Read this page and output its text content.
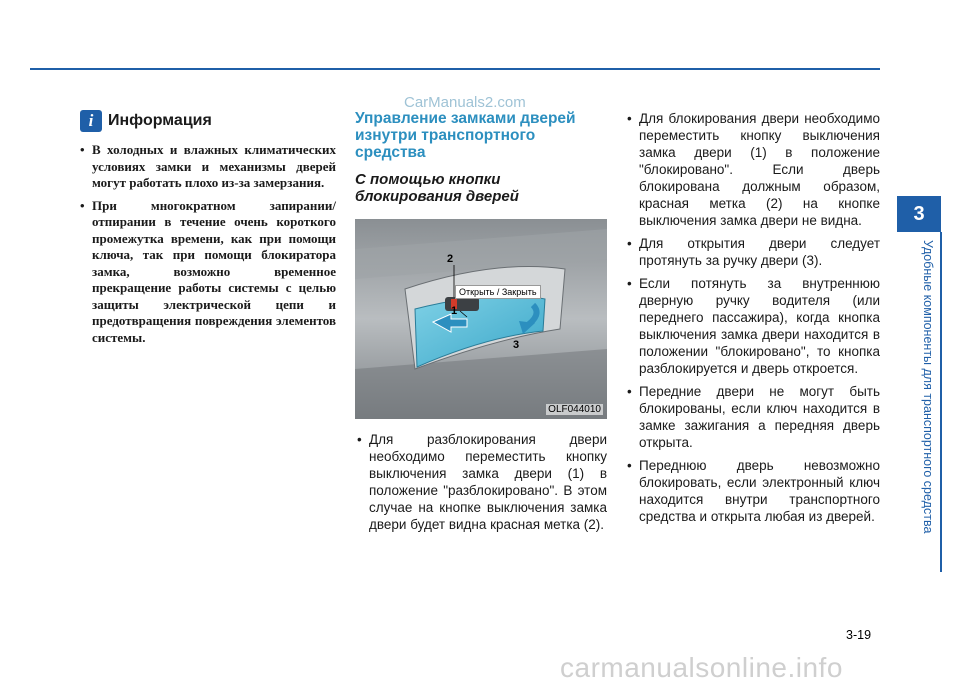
CarManuals2.com
i Информация
• В холодных и влажных климатических условиях замки и механизмы дверей могут работать плохо из-за замерзания.
• При многократном запирании/отпирании в течение очень короткого промежутка времени, как при помощи ключа, так при помощи блокиратора замка, возможно временное прекращение работы системы с целью защиты электрической цепи и предотвращения повреждения элементов системы.
Управление замками дверей изнутри транспортного средства
С помощью кнопки блокирования дверей
2
1
3
Открыть / Закрыть
OLF044010
• Для разблокирования двери необходимо переместить кнопку выключения замка двери (1) в положение "разблокировано". В этом случае на кнопке выключения замка двери будет видна красная метка (2).
• Для блокирования двери необходимо переместить кнопку выключения замка двери (1) в положение "блокировано". Если дверь блокирована должным образом, красная метка (2) на кнопке выключения замка двери не видна.
• Для открытия двери следует протянуть за ручку двери (3).
• Если потянуть за внутреннюю дверную ручку водителя (или переднего пассажира), когда кнопка выключения замка двери находится в положении "блокировано", то кнопка разблокируется и дверь откроется.
• Передние двери не могут быть блокированы, если ключ находится в замке зажигания а передняя дверь открыта.
• Переднюю дверь невозможно блокировать, если электронный ключ находится внутри транспортного средства и открыта любая из дверей.
3
Удобные компоненты для транспортного средства
3-19
carmanualsonline.info
